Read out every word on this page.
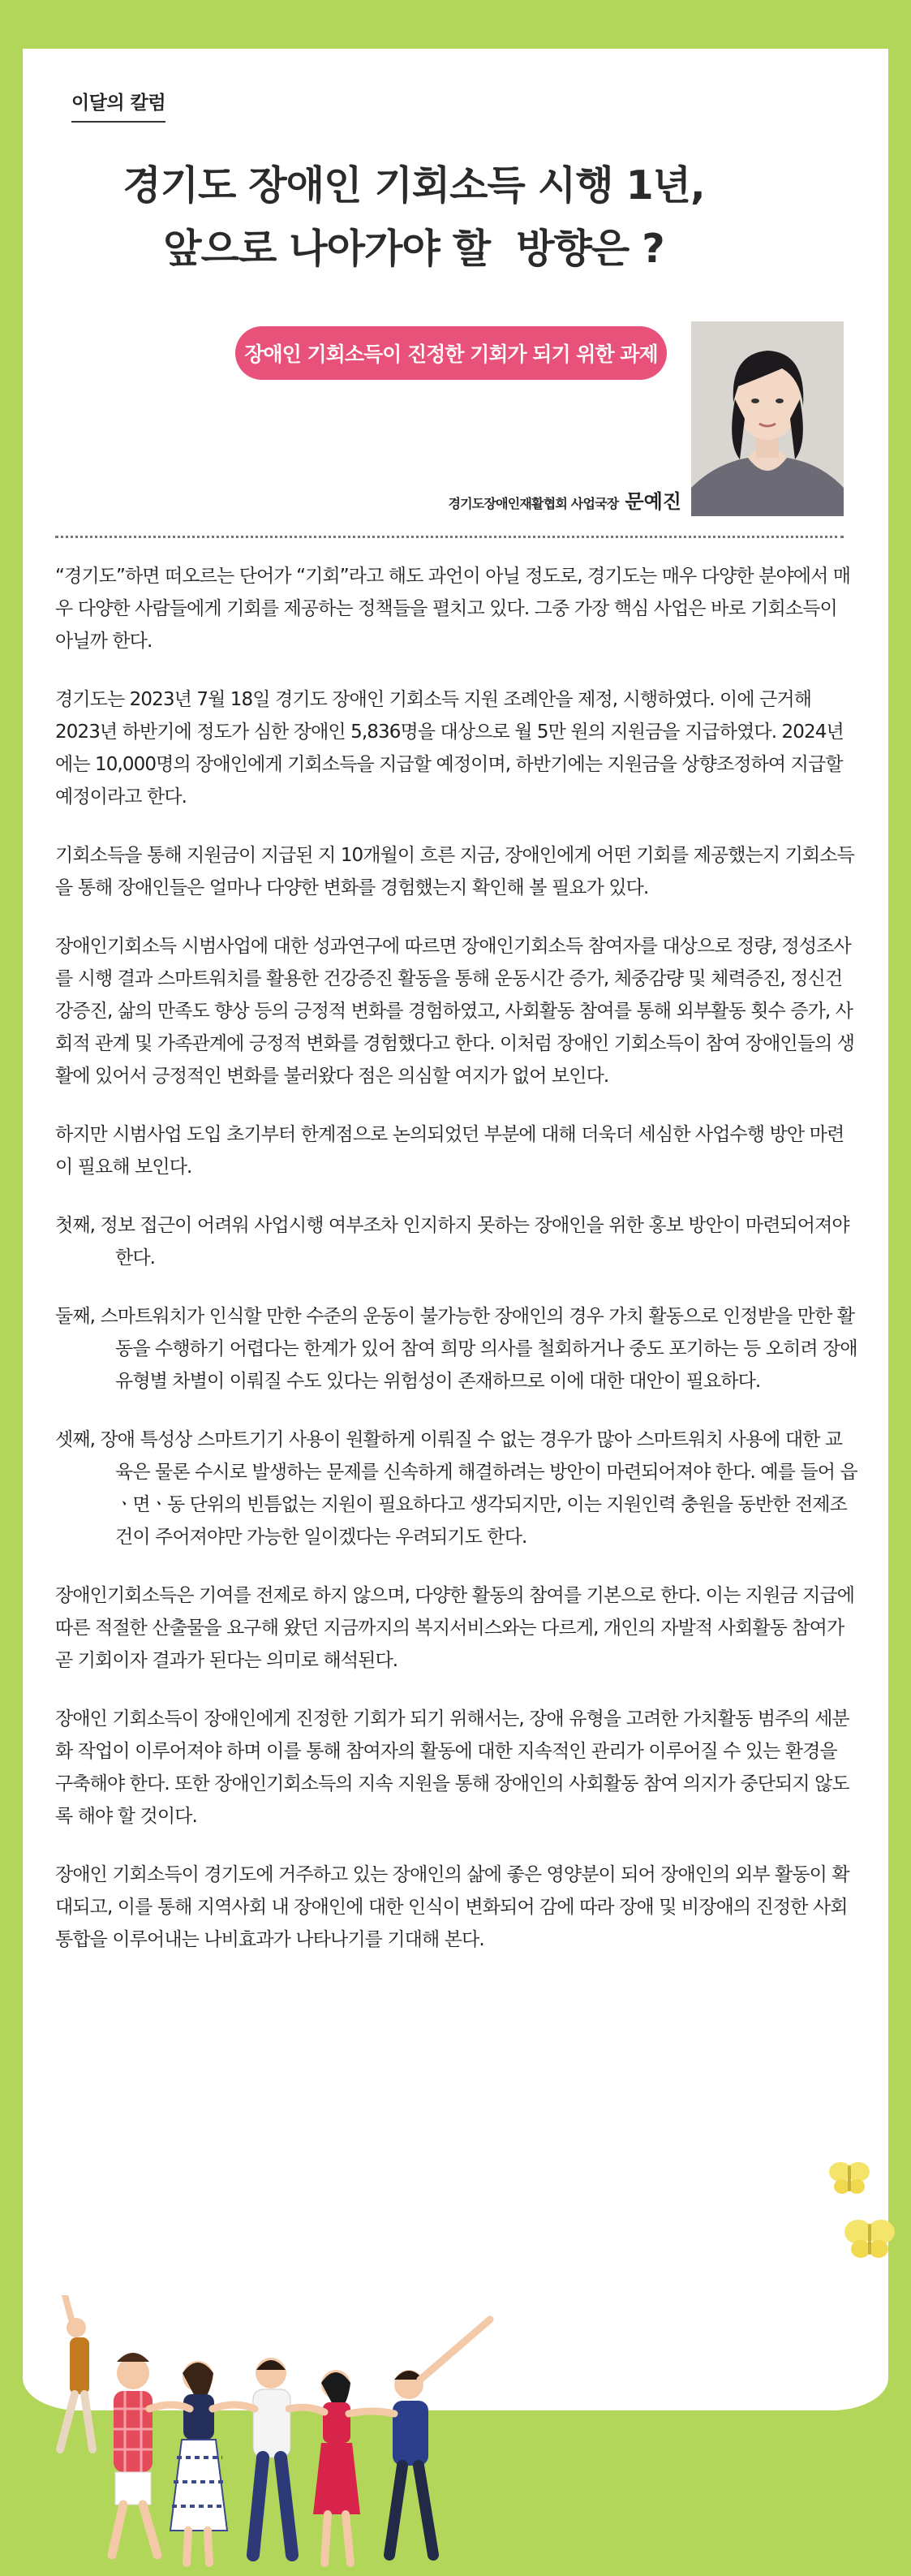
이달의 칼럼
경기도 장애인 기회소득 시행 1년,
앞으로 나아가야 할  방향은 ?
장애인 기회소득이 진정한 기회가 되기 위한 과제
경기도장애인재활협회 사업국장 문예진

“경기도”하면 떠오르는 단어가 “기회”라고 해도 과언이 아닐 정도로, 경기도는 매우 다양한 분야에서 매우 다양한 사람들에게 기회를 제공하는 정책들을 펼치고 있다. 그중 가장 핵심 사업은 바로 기회소득이 아닐까 한다.

경기도는 2023년 7월 18일 경기도 장애인 기회소득 지원 조례안을 제정, 시행하였다. 이에 근거해 2023년 하반기에 정도가 심한 장애인 5,836명을 대상으로 월 5만 원의 지원금을 지급하였다. 2024년에는 10,000명의 장애인에게 기회소득을 지급할 예정이며, 하반기에는 지원금을 상향조정하여 지급할 예정이라고 한다.

기회소득을 통해 지원금이 지급된 지 10개월이 흐른 지금, 장애인에게 어떤 기회를 제공했는지 기회소득을 통해 장애인들은 얼마나 다양한 변화를 경험했는지 확인해 볼 필요가 있다.

장애인기회소득 시범사업에 대한 성과연구에 따르면 장애인기회소득 참여자를 대상으로 정량, 정성조사를 시행 결과 스마트워치를 활용한 건강증진 활동을 통해 운동시간 증가, 체중감량 및 체력증진, 정신건강증진, 삶의 만족도 향상 등의 긍정적 변화를 경험하였고, 사회활동 참여를 통해 외부활동 횟수 증가, 사회적 관계 및 가족관계에 긍정적 변화를 경험했다고 한다. 이처럼 장애인 기회소득이 참여 장애인들의 생활에 있어서 긍정적인 변화를 불러왔다 점은 의심할 여지가 없어 보인다.

하지만 시범사업 도입 초기부터 한계점으로 논의되었던 부분에 대해 더욱더 세심한 사업수행 방안 마련이 필요해 보인다.

첫째, 정보 접근이 어려워 사업시행 여부조차 인지하지 못하는 장애인을 위한 홍보 방안이 마련되어져야 한다.
둘째, 스마트워치가 인식할 만한 수준의 운동이 불가능한 장애인의 경우 가치 활동으로 인정받을 만한 활동을 수행하기 어렵다는 한계가 있어 참여 희망 의사를 철회하거나 중도 포기하는 등 오히려 장애 유형별 차별이 이뤄질 수도 있다는 위험성이 존재하므로 이에 대한 대안이 필요하다.
셋째, 장애 특성상 스마트기기 사용이 원활하게 이뤄질 수 없는 경우가 많아 스마트워치 사용에 대한 교육은 물론 수시로 발생하는 문제를 신속하게 해결하려는 방안이 마련되어져야 한다. 예를 들어 읍ㆍ면ㆍ동 단위의 빈틈없는 지원이 필요하다고 생각되지만, 이는 지원인력 충원을 동반한 전제조건이 주어져야만 가능한 일이겠다는 우려되기도 한다.

장애인기회소득은 기여를 전제로 하지 않으며, 다양한 활동의 참여를 기본으로 한다. 이는 지원금 지급에 따른 적절한 산출물을 요구해 왔던 지금까지의 복지서비스와는 다르게, 개인의 자발적 사회활동 참여가 곧 기회이자 결과가 된다는 의미로 해석된다.

장애인 기회소득이 장애인에게 진정한 기회가 되기 위해서는, 장애 유형을 고려한 가치활동 범주의 세분화 작업이 이루어져야 하며 이를 통해 참여자의 활동에 대한 지속적인 관리가 이루어질 수 있는 환경을 구축해야 한다. 또한 장애인기회소득의 지속 지원을 통해 장애인의 사회활동 참여 의지가 중단되지 않도록 해야 할 것이다.

장애인 기회소득이 경기도에 거주하고 있는 장애인의 삶에 좋은 영양분이 되어 장애인의 외부 활동이 확대되고, 이를 통해 지역사회 내 장애인에 대한 인식이 변화되어 감에 따라 장애 및 비장애의 진정한 사회통합을 이루어내는 나비효과가 나타나기를 기대해 본다.
